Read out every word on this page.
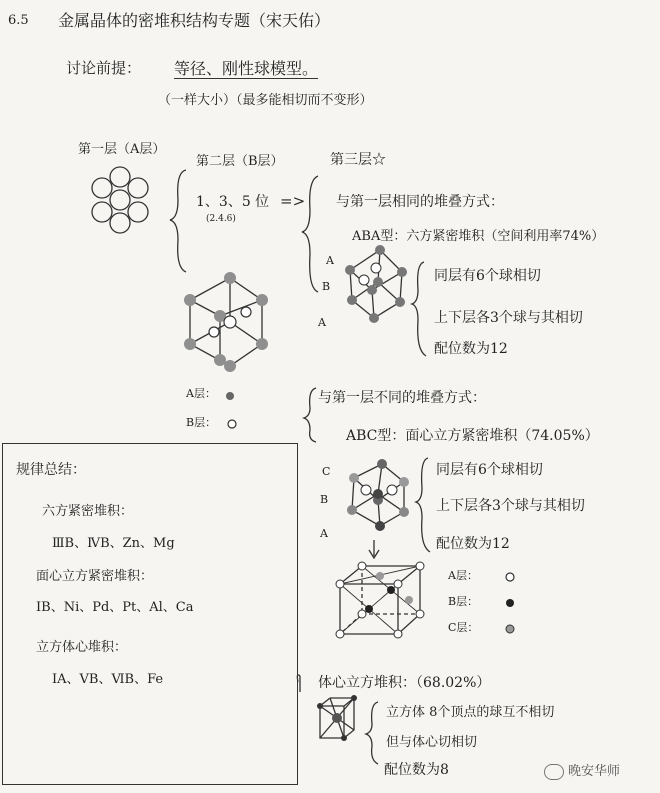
6.5 金属晶体的密堆积结构专题（宋天佑）
讨论前提： 等径、刚性球模型。
（一样大小）（最多能相切而不变形）
第一层（A层）
第二层（B层）
1、3、5 位
(2.4.6)
=>
第三层☆
与第一层相同的堆叠方式：
ABA型：六方紧密堆积（空间利用率74%）
A
B
A
同层有6个球相切
上下层各3个球与其相切
配位数为12
A层：
B层：
与第一层不同的堆叠方式：
ABC型：面心立方紧密堆积（74.05%）
C
B
A
同层有6个球相切
上下层各3个球与其相切
配位数为12
A层：
B层：
C层：
体心立方堆积：（68.02%）
立方体 8个顶点的球互不相切
但与体心切相切
配位数为8
规律总结：
六方紧密堆积：
ⅢB、ⅣB、Zn、Mg
面心立方紧密堆积：
IB、Ni、Pd、Pt、Al、Ca
立方体心堆积：
IA、VB、ⅥB、Fe
晚安华师
